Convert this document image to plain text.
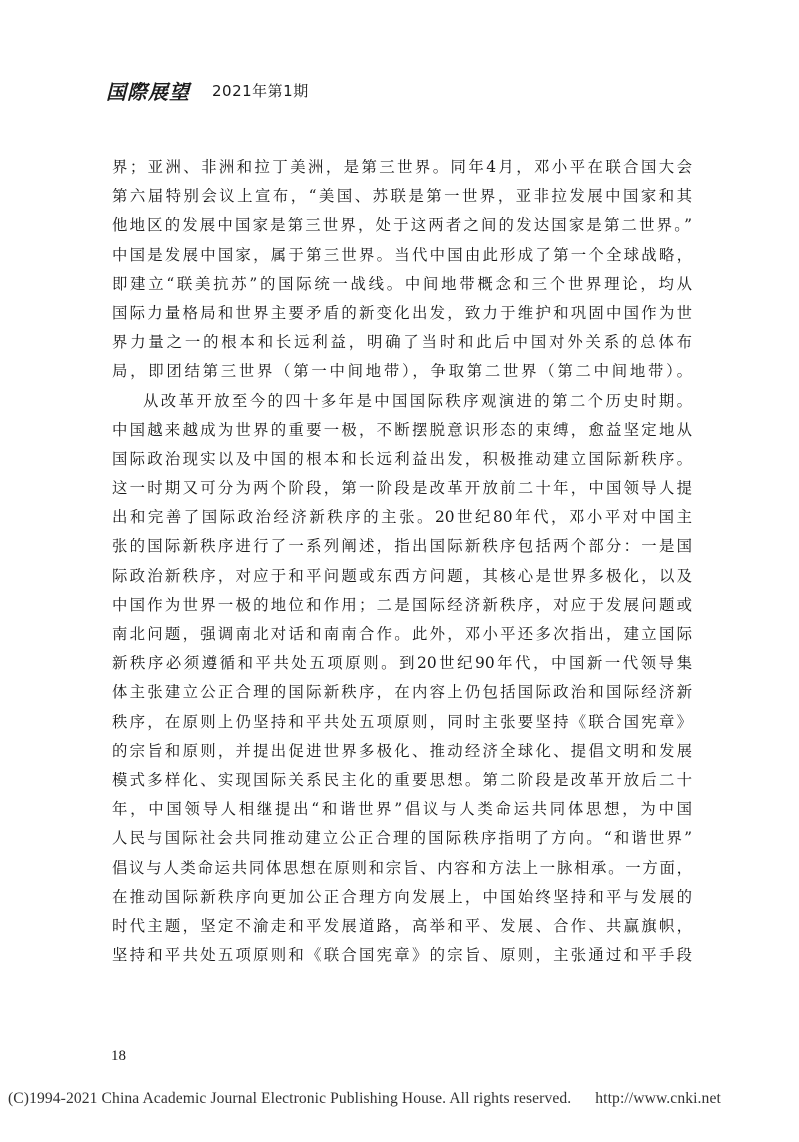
国際展望 2021年第1期
界；亚洲、非洲和拉丁美洲，是第三世界。同年4月，邓小平在联合国大会
第六届特别会议上宣布，“美国、苏联是第一世界，亚非拉发展中国家和其
他地区的发展中国家是第三世界，处于这两者之间的发达国家是第二世界。”
中国是发展中国家，属于第三世界。当代中国由此形成了第一个全球战略，
即建立“联美抗苏”的国际统一战线。中间地带概念和三个世界理论，均从
国际力量格局和世界主要矛盾的新变化出发，致力于维护和巩固中国作为世
界力量之一的根本和长远利益，明确了当时和此后中国对外关系的总体布
局，即团结第三世界（第一中间地带），争取第二世界（第二中间地带）。
从改革开放至今的四十多年是中国国际秩序观演进的第二个历史时期。
中国越来越成为世界的重要一极，不断摆脱意识形态的束缚，愈益坚定地从
国际政治现实以及中国的根本和长远利益出发，积极推动建立国际新秩序。
这一时期又可分为两个阶段，第一阶段是改革开放前二十年，中国领导人提
出和完善了国际政治经济新秩序的主张。20世纪80年代，邓小平对中国主
张的国际新秩序进行了一系列阐述，指出国际新秩序包括两个部分：一是国
际政治新秩序，对应于和平问题或东西方问题，其核心是世界多极化，以及
中国作为世界一极的地位和作用；二是国际经济新秩序，对应于发展问题或
南北问题，强调南北对话和南南合作。此外，邓小平还多次指出，建立国际
新秩序必须遵循和平共处五项原则。到20世纪90年代，中国新一代领导集
体主张建立公正合理的国际新秩序，在内容上仍包括国际政治和国际经济新
秩序，在原则上仍坚持和平共处五项原则，同时主张要坚持《联合国宪章》
的宗旨和原则，并提出促进世界多极化、推动经济全球化、提倡文明和发展
模式多样化、实现国际关系民主化的重要思想。第二阶段是改革开放后二十
年，中国领导人相继提出“和谐世界”倡议与人类命运共同体思想，为中国
人民与国际社会共同推动建立公正合理的国际秩序指明了方向。“和谐世界”
倡议与人类命运共同体思想在原则和宗旨、内容和方法上一脉相承。一方面，
在推动国际新秩序向更加公正合理方向发展上，中国始终坚持和平与发展的
时代主题，坚定不渝走和平发展道路，高举和平、发展、合作、共赢旗帜，
坚持和平共处五项原则和《联合国宪章》的宗旨、原则，主张通过和平手段
18
(C)1994-2021 China Academic Journal Electronic Publishing House. All rights reserved. http://www.cnki.net
